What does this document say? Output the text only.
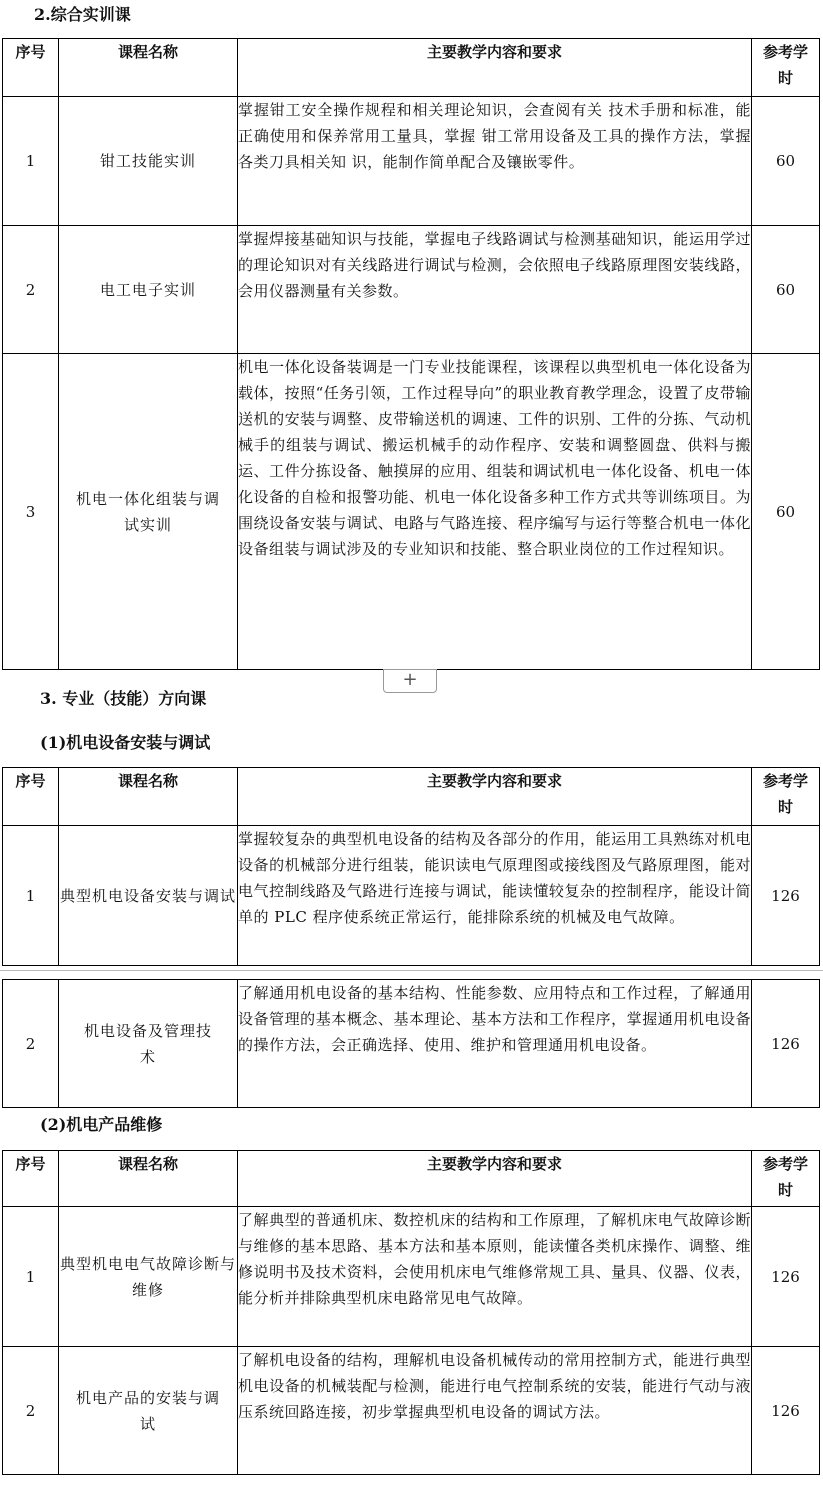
2.综合实训课
序号	课程名称	主要教学内容和要求	参考学时
1	钳工技能实训	掌握钳工安全操作规程和相关理论知识，会查阅有关 技术手册和标准，能正确使用和保养常用工量具，掌握 钳工常用设备及工具的操作方法，掌握各类刀具相关知 识，能制作简单配合及镶嵌零件。	60
2	电工电子实训	掌握焊接基础知识与技能，掌握电子线路调试与检测基础知识，能运用学过的理论知识对有关线路进行调试与检测，会依照电子线路原理图安装线路，会用仪器测量有关参数。	60
3	机电一体化组装与调试实训	机电一体化设备装调是一门专业技能课程，该课程以典型机电一体化设备为载体，按照“任务引领，工作过程导向”的职业教育教学理念，设置了皮带输送机的安装与调整、皮带输送机的调速、工件的识别、工件的分拣、气动机械手的组装与调试、搬运机械手的动作程序、安装和调整圆盘、供料与搬运、工件分拣设备、触摸屏的应用、组装和调试机电一体化设备、机电一体化设备的自检和报警功能、机电一体化设备多种工作方式共等训练项目。为围绕设备安装与调试、电路与气路连接、程序编写与运行等整合机电一体化设备组装与调试涉及的专业知识和技能、整合职业岗位的工作过程知识。	60
+
3. 专业（技能）方向课
(1)机电设备安装与调试
序号	课程名称	主要教学内容和要求	参考学时
1	典型机电设备安装与调试	掌握较复杂的典型机电设备的结构及各部分的作用，能运用工具熟练对机电设备的机械部分进行组装，能识读电气原理图或接线图及气路原理图，能对电气控制线路及气路进行连接与调试，能读懂较复杂的控制程序，能设计简单的 PLC 程序使系统正常运行，能排除系统的机械及电气故障。	126
2	机电设备及管理技术	了解通用机电设备的基本结构、性能参数、应用特点和工作过程，了解通用设备管理的基本概念、基本理论、基本方法和工作程序，掌握通用机电设备的操作方法，会正确选择、使用、维护和管理通用机电设备。	126
(2)机电产品维修
序号	课程名称	主要教学内容和要求	参考学时
1	典型机电电气故障诊断与维修	了解典型的普通机床、数控机床的结构和工作原理，了解机床电气故障诊断与维修的基本思路、基本方法和基本原则，能读懂各类机床操作、调整、维修说明书及技术资料，会使用机床电气维修常规工具、量具、仪器、仪表，能分析并排除典型机床电路常见电气故障。	126
2	机电产品的安装与调试	了解机电设备的结构，理解机电设备机械传动的常用控制方式，能进行典型机电设备的机械装配与检测，能进行电气控制系统的安装，能进行气动与液压系统回路连接，初步掌握典型机电设备的调试方法。	126
